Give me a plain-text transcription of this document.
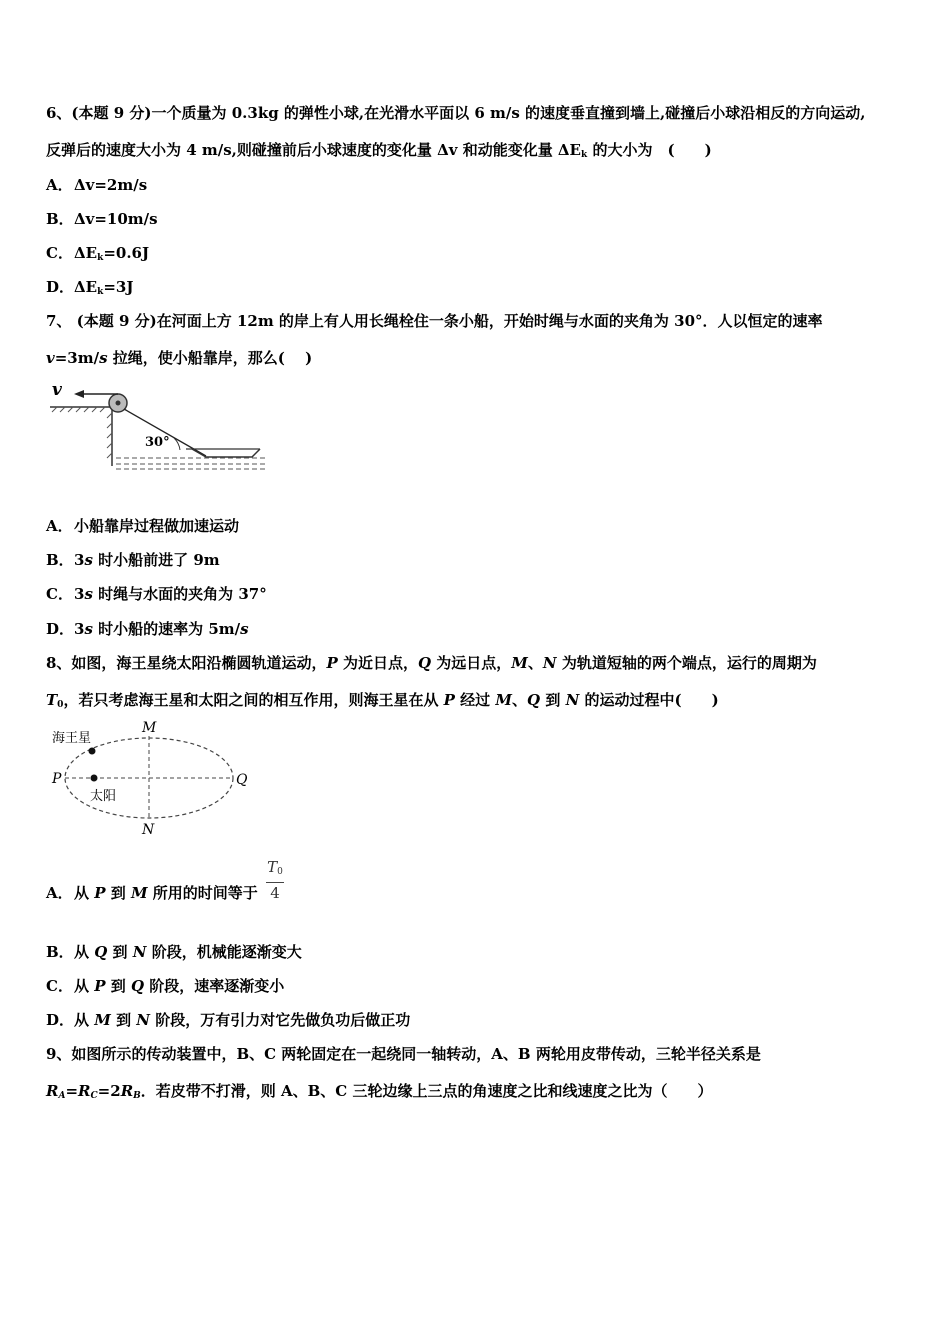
6、(本题 9 分)一个质量为 0.3kg 的弹性小球,在光滑水平面以 6 m/s 的速度垂直撞到墙上,碰撞后小球沿相反的方向运动,
反弹后的速度大小为 4 m/s,则碰撞前后小球速度的变化量 Δv 和动能变化量 $\Delta E_k$ 的大小为　(　　)
A．Δv=2m/s
B．Δv=10m/s
C．$\Delta E_k=0.6J$
D．$\Delta E_k=3J$
7、 (本题 9 分)在河面上方 12m 的岸上有人用长绳栓住一条小船，开始时绳与水面的夹角为 30°．人以恒定的速率
v=3m/s 拉绳，使小船靠岸，那么(　 )
v
30°
A．小船靠岸过程做加速运动
B．3s 时小船前进了 9m
C．3s 时绳与水面的夹角为 37°
D．3s 时小船的速率为 5m/s
8、如图，海王星绕太阳沿椭圆轨道运动，P 为近日点，Q 为远日点，M、N 为轨道短轴的两个端点，运行的周期为
$T_0$，若只考虑海王星和太阳之间的相互作用，则海王星在从 P 经过 M、Q 到 N 的运动过程中(　　)
海王星
太阳
P	Q
M
N
A．从 P 到 M 所用的时间等于
$T_0$
4
B．从 Q 到 N 阶段，机械能逐渐变大
C．从 P 到 Q 阶段，速率逐渐变小
D．从 M 到 N 阶段，万有引力对它先做负功后做正功
9、如图所示的传动装置中，B、C 两轮固定在一起绕同一轴转动，A、B 两轮用皮带传动，三轮半径关系是
$R_A=R_C=2R_B$．若皮带不打滑，则 A、B、C 三轮边缘上三点的角速度之比和线速度之比为（　　）
